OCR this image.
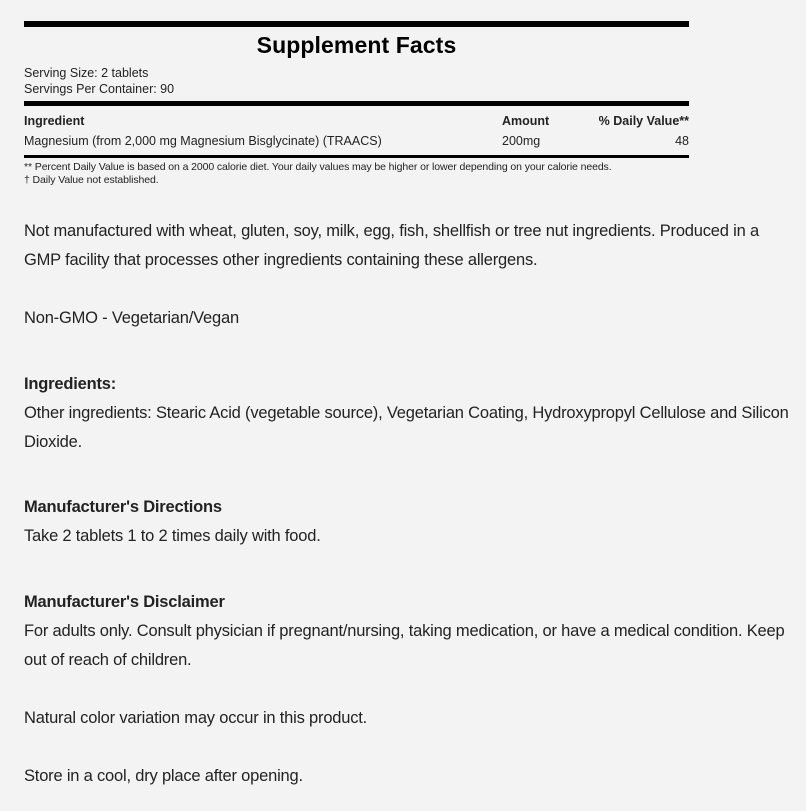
Supplement Facts
Serving Size: 2 tablets
Servings Per Container: 90
Ingredient	Amount	% Daily Value**
Magnesium (from 2,000 mg Magnesium Bisglycinate) (TRAACS)	200mg	48
** Percent Daily Value is based on a 2000 calorie diet. Your daily values may be higher or lower depending on your calorie needs.
† Daily Value not established.

Not manufactured with wheat, gluten, soy, milk, egg, fish, shellfish or tree nut ingredients. Produced in a GMP facility that processes other ingredients containing these allergens.

Non-GMO - Vegetarian/Vegan

Ingredients:

Other ingredients: Stearic Acid (vegetable source), Vegetarian Coating, Hydroxypropyl Cellulose and Silicon Dioxide.

Manufacturer's Directions

Take 2 tablets 1 to 2 times daily with food.

Manufacturer's Disclaimer

For adults only. Consult physician if pregnant/nursing, taking medication, or have a medical condition. Keep out of reach of children.

Natural color variation may occur in this product.

Store in a cool, dry place after opening.
